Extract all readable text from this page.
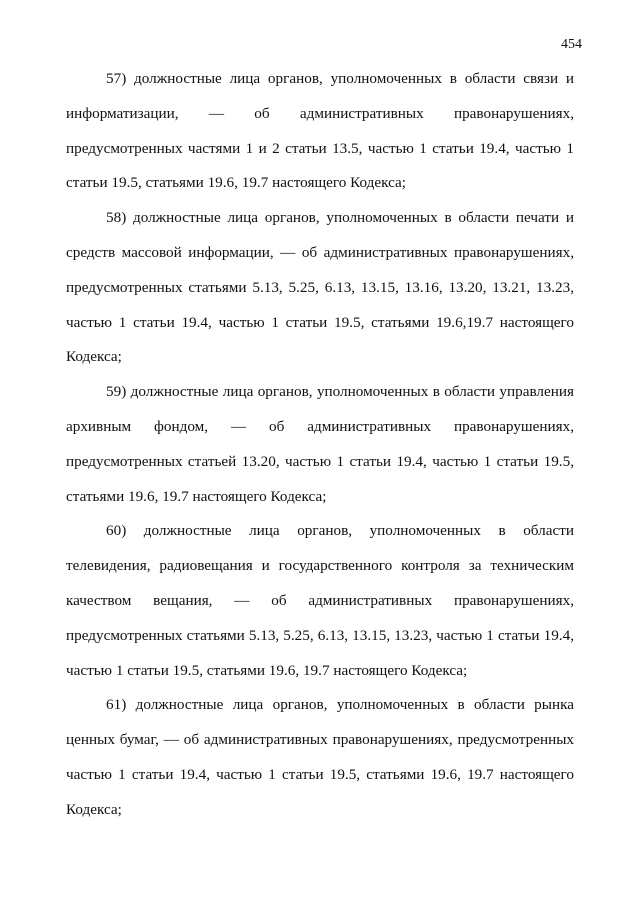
454
57) должностные лица органов, уполномоченных в области связи и
информатизации, — об административных правонарушениях,
предусмотренных частями 1 и 2 статьи 13.5, частью 1 статьи 19.4, частью 1
статьи 19.5, статьями 19.6, 19.7 настоящего Кодекса;
58) должностные лица органов, уполномоченных в области печати и
средств массовой информации, — об административных правонарушениях,
предусмотренных статьями 5.13, 5.25, 6.13, 13.15, 13.16, 13.20, 13.21, 13.23,
частью 1 статьи 19.4, частью 1 статьи 19.5, статьями 19.6,19.7 настоящего
Кодекса;
59) должностные лица органов, уполномоченных в области управления
архивным фондом, — об административных правонарушениях,
предусмотренных статьей 13.20, частью 1 статьи 19.4, частью 1 статьи 19.5,
статьями 19.6, 19.7 настоящего Кодекса;
60) должностные лица органов, уполномоченных в области
телевидения, радиовещания и государственного контроля за техническим
качеством вещания, — об административных правонарушениях,
предусмотренных статьями 5.13, 5.25, 6.13, 13.15, 13.23, частью 1 статьи 19.4,
частью 1 статьи 19.5, статьями 19.6, 19.7 настоящего Кодекса;
61) должностные лица органов, уполномоченных в области рынка
ценных бумаг, — об административных правонарушениях, предусмотренных
частью 1 статьи 19.4, частью 1 статьи 19.5, статьями 19.6, 19.7 настоящего
Кодекса;
